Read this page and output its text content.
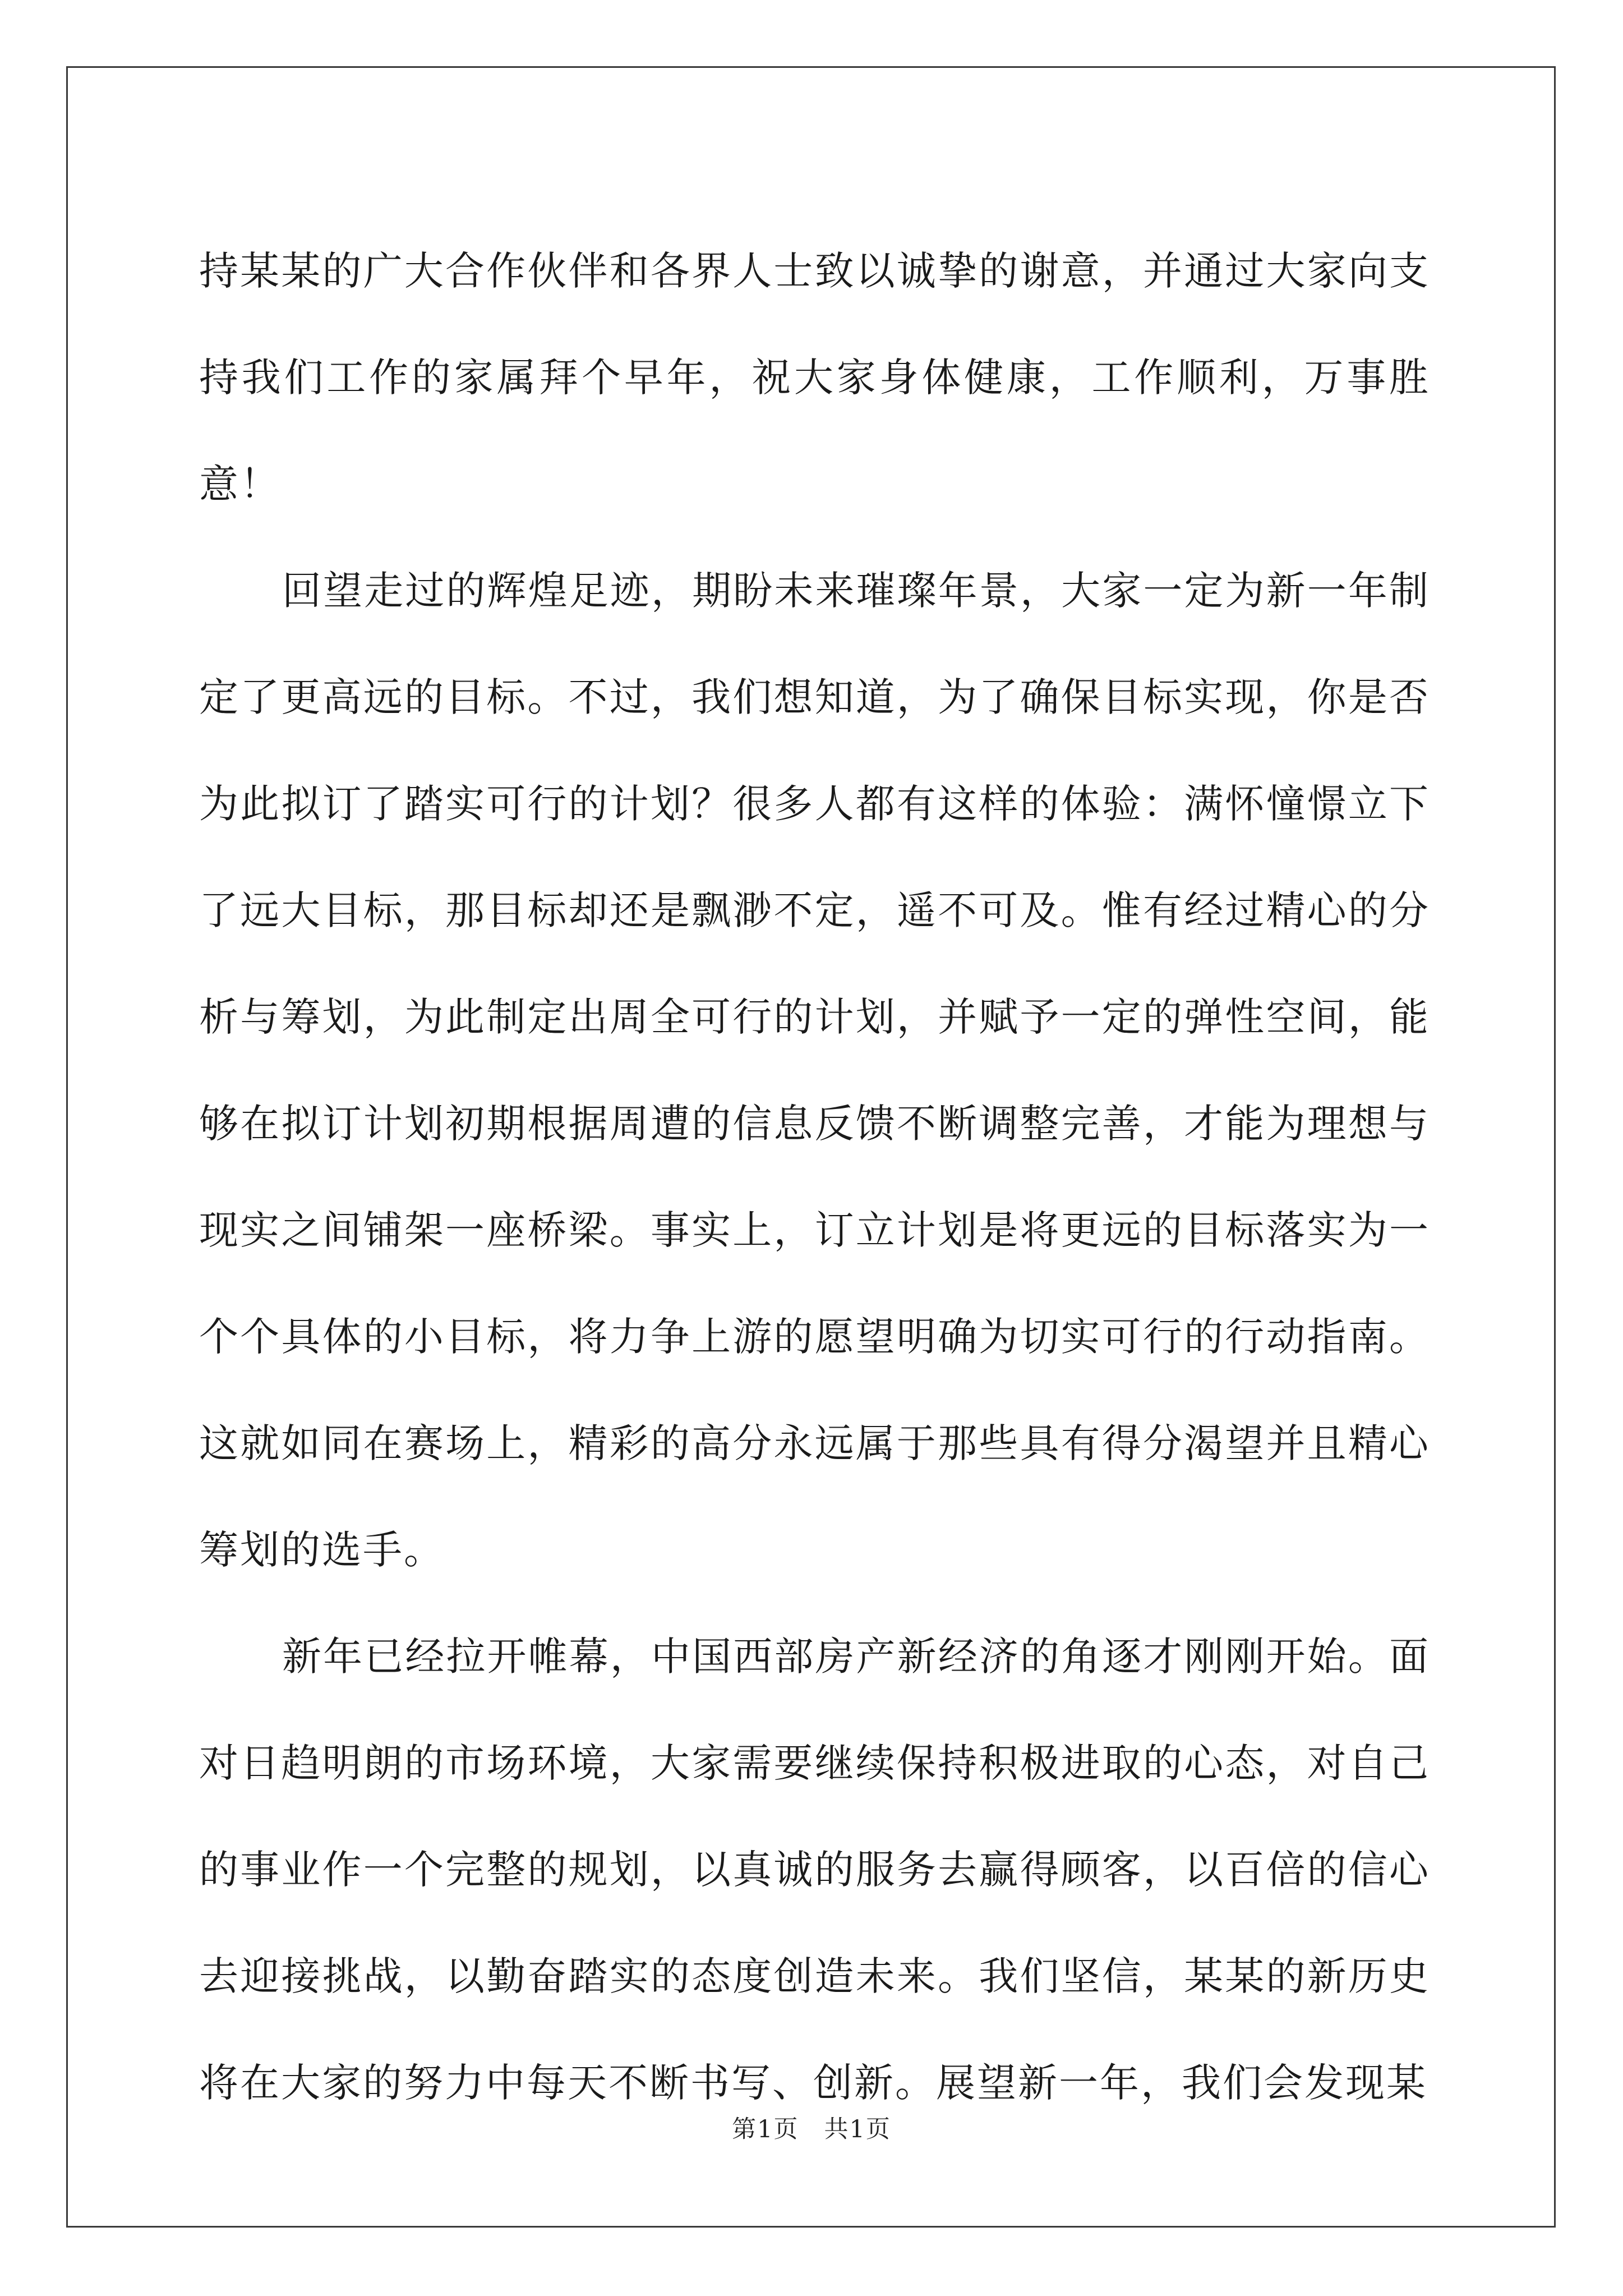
持某某的广大合作伙伴和各界人士致以诚挚的谢意，并通过大家向支持我们工作的家属拜个早年，祝大家身体健康，工作顺利，万事胜意！

回望走过的辉煌足迹，期盼未来璀璨年景，大家一定为新一年制定了更高远的目标。不过，我们想知道，为了确保目标实现，你是否为此拟订了踏实可行的计划？很多人都有这样的体验：满怀憧憬立下了远大目标，那目标却还是飘渺不定，遥不可及。惟有经过精心的分析与筹划，为此制定出周全可行的计划，并赋予一定的弹性空间，能够在拟订计划初期根据周遭的信息反馈不断调整完善，才能为理想与现实之间铺架一座桥梁。事实上，订立计划是将更远的目标落实为一个个具体的小目标，将力争上游的愿望明确为切实可行的行动指南。这就如同在赛场上，精彩的高分永远属于那些具有得分渴望并且精心筹划的选手。

新年已经拉开帷幕，中国西部房产新经济的角逐才刚刚开始。面对日趋明朗的市场环境，大家需要继续保持积极进取的心态，对自己的事业作一个完整的规划，以真诚的服务去赢得顾客，以百倍的信心去迎接挑战，以勤奋踏实的态度创造未来。我们坚信，某某的新历史将在大家的努力中每天不断书写、创新。展望新一年，我们会发现某

第1页　共1页
